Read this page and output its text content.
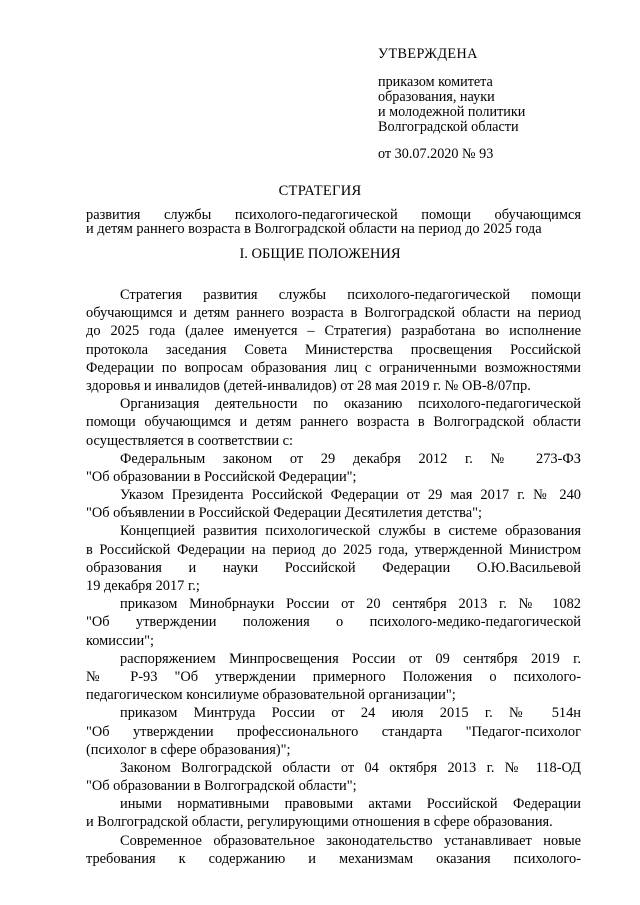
УТВЕРЖДЕНА
приказом комитета
образования, науки
и молодежной политики
Волгоградской области
от 30.07.2020 № 93
СТРАТЕГИЯ
развития службы психолого-педагогической помощи обучающимся
и детям раннего возраста в Волгоградской области на период до 2025 года
I. ОБЩИЕ ПОЛОЖЕНИЯ
Стратегия развития службы психолого-педагогической помощи
обучающимся и детям раннего возраста в Волгоградской области на период
до 2025 года (далее именуется – Стратегия) разработана во исполнение
протокола заседания Совета Министерства просвещения Российской
Федерации по вопросам образования лиц с ограниченными возможностями
здоровья и инвалидов (детей-инвалидов) от 28 мая 2019 г. № ОВ-8/07пр.
Организация деятельности по оказанию психолого-педагогической
помощи обучающимся и детям раннего возраста в Волгоградской области
осуществляется в соответствии с:
Федеральным законом от 29 декабря 2012 г. № 273-ФЗ
"Об образовании в Российской Федерации";
Указом Президента Российской Федерации от 29 мая 2017 г. № 240
"Об объявлении в Российской Федерации Десятилетия детства";
Концепцией развития психологической службы в системе образования
в Российской Федерации на период до 2025 года, утвержденной Министром
образования и науки Российской Федерации О.Ю.Васильевой
19 декабря 2017 г.;
приказом Минобрнауки России от 20 сентября 2013 г. № 1082
"Об утверждении положения о психолого-медико-педагогической
комиссии";
распоряжением Минпросвещения России от 09 сентября 2019 г.
№ Р-93 "Об утверждении примерного Положения о психолого-
педагогическом консилиуме образовательной организации";
приказом Минтруда России от 24 июля 2015 г. № 514н
"Об утверждении профессионального стандарта "Педагог-психолог
(психолог в сфере образования)";
Законом Волгоградской области от 04 октября 2013 г. № 118-ОД
"Об образовании в Волгоградской области";
иными нормативными правовыми актами Российской Федерации
и Волгоградской области, регулирующими отношения в сфере образования.
Современное образовательное законодательство устанавливает новые
требования к содержанию и механизмам оказания психолого-
